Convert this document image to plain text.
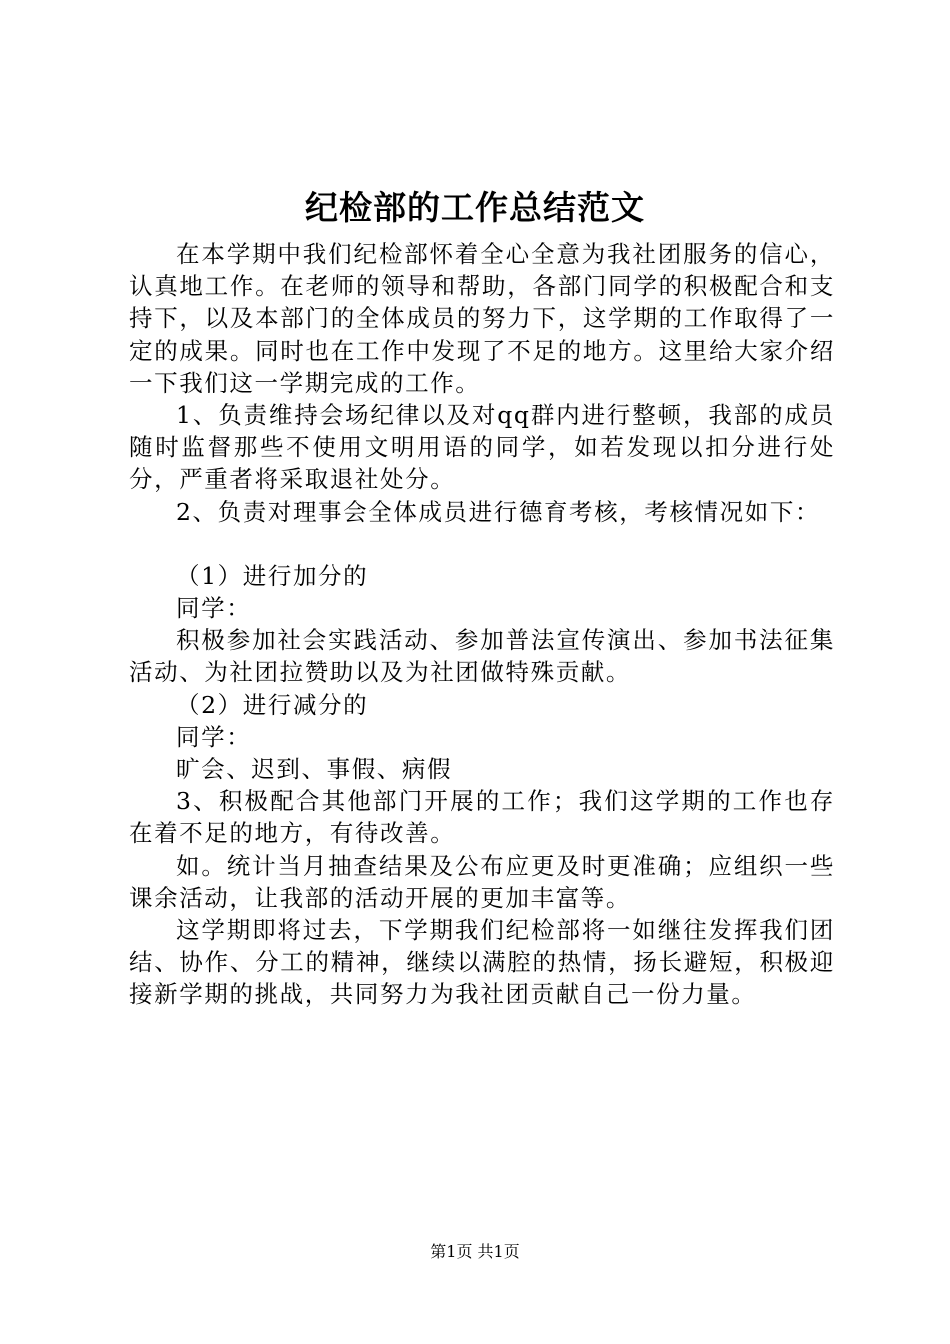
纪检部的工作总结范文

在本学期中我们纪检部怀着全心全意为我社团服务的信心，认真地工作。在老师的领导和帮助，各部门同学的积极配合和支持下，以及本部门的全体成员的努力下，这学期的工作取得了一定的成果。同时也在工作中发现了不足的地方。这里给大家介绍一下我们这一学期完成的工作。

1、负责维持会场纪律以及对qq群内进行整顿，我部的成员随时监督那些不使用文明用语的同学，如若发现以扣分进行处分，严重者将采取退社处分。

2、负责对理事会全体成员进行德育考核，考核情况如下：

（1）进行加分的

同学：

积极参加社会实践活动、参加普法宣传演出、参加书法征集活动、为社团拉赞助以及为社团做特殊贡献。

（2）进行减分的

同学：

旷会、迟到、事假、病假

3、积极配合其他部门开展的工作；我们这学期的工作也存在着不足的地方，有待改善。

如。统计当月抽查结果及公布应更及时更准确；应组织一些课余活动，让我部的活动开展的更加丰富等。

这学期即将过去，下学期我们纪检部将一如继往发挥我们团结、协作、分工的精神，继续以满腔的热情，扬长避短，积极迎接新学期的挑战，共同努力为我社团贡献自己一份力量。

第1页 共1页
